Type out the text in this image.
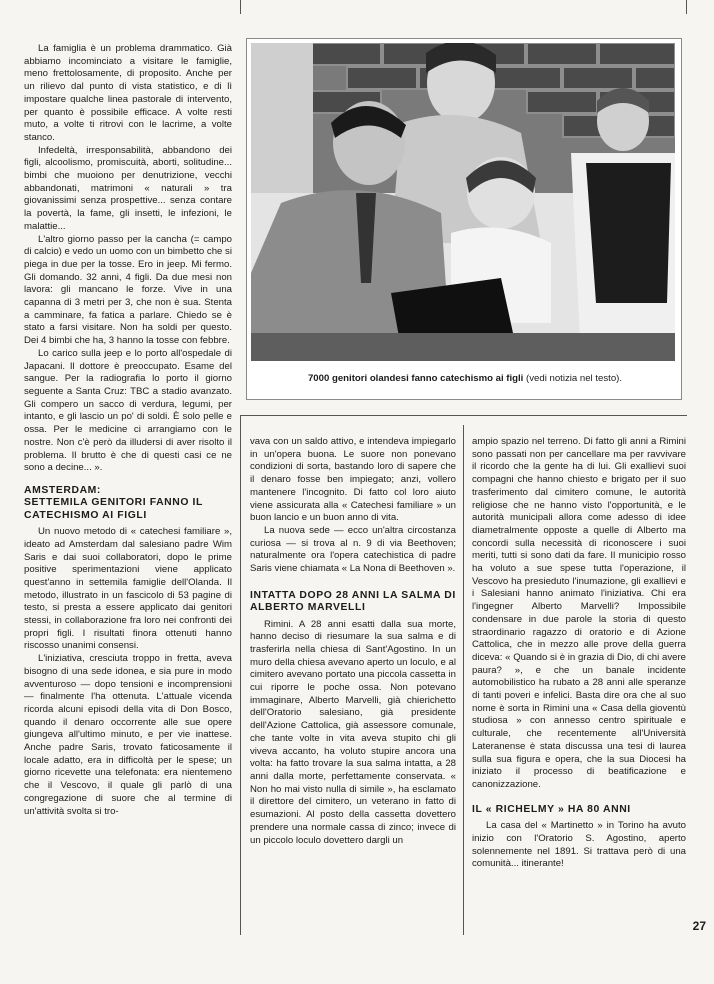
La famiglia è un problema drammatico. Già abbiamo incominciato a visitare le famiglie, meno frettolosamente, di proposito. Anche per un rilievo dal punto di vista statistico, e di lì impostare qualche linea pastorale di intervento, per quanto è possibile efficace. A volte resti muto, a volte ti ritrovi con le lacrime, a volte stanco.

Infedeltà, irresponsabilità, abbandono dei figli, alcoolismo, promiscuità, aborti, solitudine... bimbi che muoiono per denutrizione, vecchi abbandonati, matrimoni « naturali » tra giovanissimi senza prospettive... senza contare la povertà, la fame, gli insetti, le infezioni, le malattie...

L'altro giorno passo per la cancha (= campo di calcio) e vedo un uomo con un bimbetto che si piega in due per la tosse. Ero in jeep. Mi fermo. Gli domando. 32 anni, 4 figli. Da due mesi non lavora: gli mancano le forze. Vive in una capanna di 3 metri per 3, che non è sua. Stenta a camminare, fa fatica a parlare. Chiedo se è stato a farsi visitare. Non ha soldi per questo. Dei 4 bimbi che ha, 3 hanno la tosse con febbre.

Lo carico sulla jeep e lo porto all'ospedale di Japacani. Il dottore è preoccupato. Esame del sangue. Per la radiografia lo porto il giorno seguente a Santa Cruz: TBC a stadio avanzato. Gli compero un sacco di verdura, legumi, per intanto, e gli lascio un po' di soldi. È solo pelle e ossa. Per le medicine ci arrangiamo con le nostre. Non c'è però da illudersi di aver risolto il problema. Il brutto è che di questi casi ce ne sono a decine... ».

AMSTERDAM:
SETTEMILA GENITORI FANNO IL CATECHISMO AI FIGLI

Un nuovo metodo di « catechesi familiare », ideato ad Amsterdam dal salesiano padre Wim Saris e dai suoi collaboratori, dopo le prime positive sperimentazioni viene applicato quest'anno in settemila famiglie dell'Olanda. Il metodo, illustrato in un fascicolo di 53 pagine di testo, si presta a essere applicato dai genitori stessi, in collaborazione fra loro nei confronti dei propri figli. I risultati finora ottenuti hanno riscosso unanimi consensi.

L'iniziativa, cresciuta troppo in fretta, aveva bisogno di una sede idonea, e sia pure in modo avventuroso — dopo tensioni e incomprensioni — finalmente l'ha ottenuta. L'attuale vicenda ricorda alcuni episodi della vita di Don Bosco, quando il denaro occorrente alle sue opere giungeva all'ultimo minuto, e per vie inattese. Anche padre Saris, trovato faticosamente il locale adatto, era in difficoltà per le spese; un giorno ricevette una telefonata: era nientemeno che il Vescovo, il quale gli parlò di una congregazione di suore che al termine di un'attività svolta si tro-

7000 genitori olandesi fanno catechismo ai figli (vedi notizia nel testo).

vava con un saldo attivo, e intendeva impiegarlo in un'opera buona. Le suore non ponevano condizioni di sorta, bastando loro di sapere che il denaro fosse ben impiegato; anzi, vollero mantenere l'incognito. Di fatto col loro aiuto viene assicurata alla « Catechesi familiare » un buon lancio e un buon anno di vita.

La nuova sede — ecco un'altra circostanza curiosa — si trova al n. 9 di via Beethoven; naturalmente ora l'opera catechistica di padre Saris viene chiamata « La Nona di Beethoven ».

INTATTA DOPO 28 ANNI LA SALMA DI ALBERTO MARVELLI

Rimini. A 28 anni esatti dalla sua morte, hanno deciso di riesumare la sua salma e di trasferirla nella chiesa di Sant'Agostino. In un muro della chiesa avevano aperto un loculo, e al cimitero avevano portato una piccola cassetta in cui riporre le poche ossa. Non potevano immaginare, Alberto Marvelli, già chierichetto dell'Oratorio salesiano, già presidente dell'Azione Cattolica, già assessore comunale, che tante volte in vita aveva stupito chi gli viveva accanto, ha voluto stupire ancora una volta: ha fatto trovare la sua salma intatta, a 28 anni dalla morte, perfettamente conservata. « Non ho mai visto nulla di simile », ha esclamato il direttore del cimitero, un veterano in fatto di esumazioni. Al posto della cassetta dovettero prendere una normale cassa di zinco; invece di un piccolo loculo dovettero dargli un

ampio spazio nel terreno. Di fatto gli anni a Rimini sono passati non per cancellare ma per ravvivare il ricordo che la gente ha di lui. Gli exallievi suoi compagni che hanno chiesto e brigato per il suo trasferimento dal cimitero comune, le autorità religiose che ne hanno visto l'opportunità, e le autorità municipali allora come adesso di idee diametralmente opposte a quelle di Alberto ma concordi sulla necessità di riconoscere i suoi meriti, tutti si sono dati da fare. Il municipio rosso ha voluto a sue spese tutta l'operazione, il Vescovo ha presieduto l'inumazione, gli exallievi e i Salesiani hanno animato l'iniziativa. Chi era l'ingegner Alberto Marvelli? Impossibile condensare in due parole la storia di questo straordinario ragazzo di oratorio e di Azione Cattolica, che in mezzo alle prove della guerra diceva: « Quando si è in grazia di Dio, di chi avere paura? », e che un banale incidente automobilistico ha rubato a 28 anni alle speranze di tanti poveri e infelici. Basta dire ora che al suo nome è sorta in Rimini una « Casa della gioventù studiosa » con annesso centro spirituale e culturale, che recentemente all'Università Lateranense è stata discussa una tesi di laurea sulla sua figura e opera, che la sua Diocesi ha iniziato il processo di beatificazione e canonizzazione.

IL « RICHELMY » HA 80 ANNI

La casa del « Martinetto » in Torino ha avuto inizio con l'Oratorio S. Agostino, aperto solennemente nel 1891. Si trattava però di una comunità... itinerante!

27
